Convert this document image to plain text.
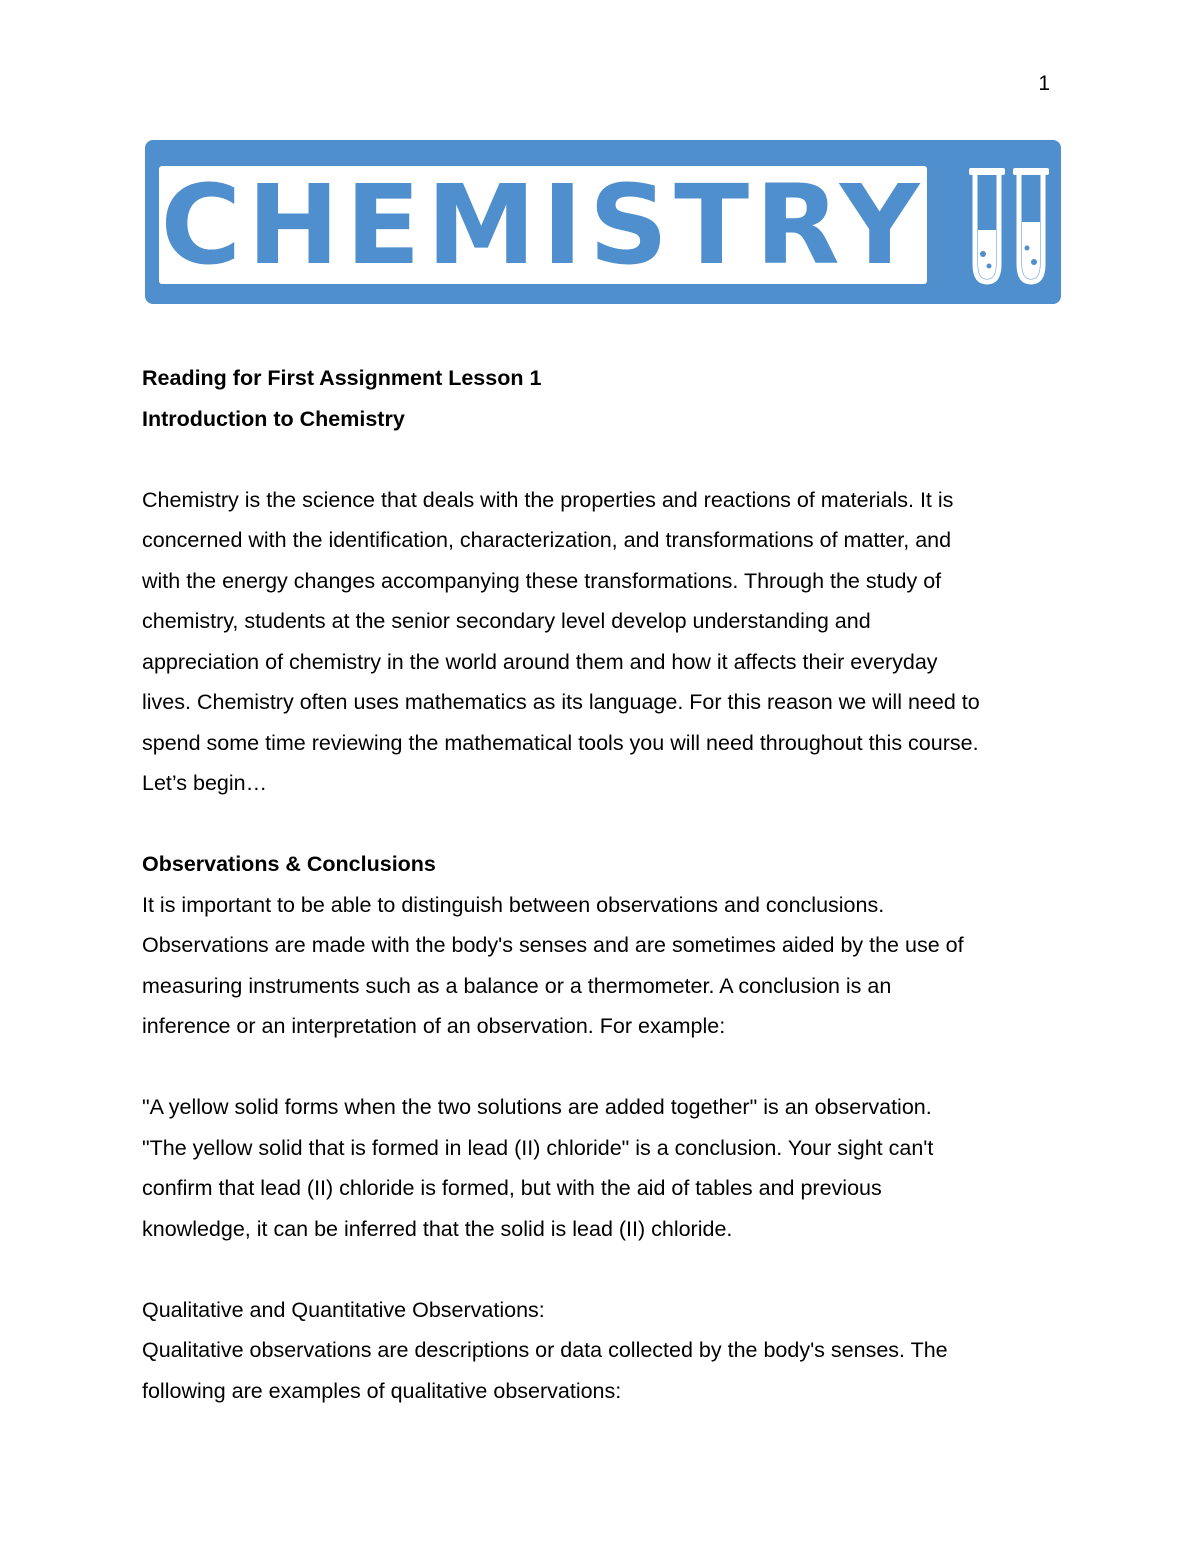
1
CHEMISTRY

Reading for First Assignment Lesson 1

Introduction to Chemistry

Chemistry is the science that deals with the properties and reactions of materials. It is

concerned with the identification, characterization, and transformations of matter, and

with the energy changes accompanying these transformations. Through the study of

chemistry, students at the senior secondary level develop understanding and

appreciation of chemistry in the world around them and how it affects their everyday

lives. Chemistry often uses mathematics as its language. For this reason we will need to

spend some time reviewing the mathematical tools you will need throughout this course.

Let’s begin…

Observations & Conclusions

It is important to be able to distinguish between observations and conclusions.

Observations are made with the body's senses and are sometimes aided by the use of

measuring instruments such as a balance or a thermometer. A conclusion is an

inference or an interpretation of an observation. For example:

"A yellow solid forms when the two solutions are added together" is an observation.

"The yellow solid that is formed in lead (II) chloride" is a conclusion. Your sight can't

confirm that lead (II) chloride is formed, but with the aid of tables and previous

knowledge, it can be inferred that the solid is lead (II) chloride.

Qualitative and Quantitative Observations:

Qualitative observations are descriptions or data collected by the body's senses. The

following are examples of qualitative observations:
